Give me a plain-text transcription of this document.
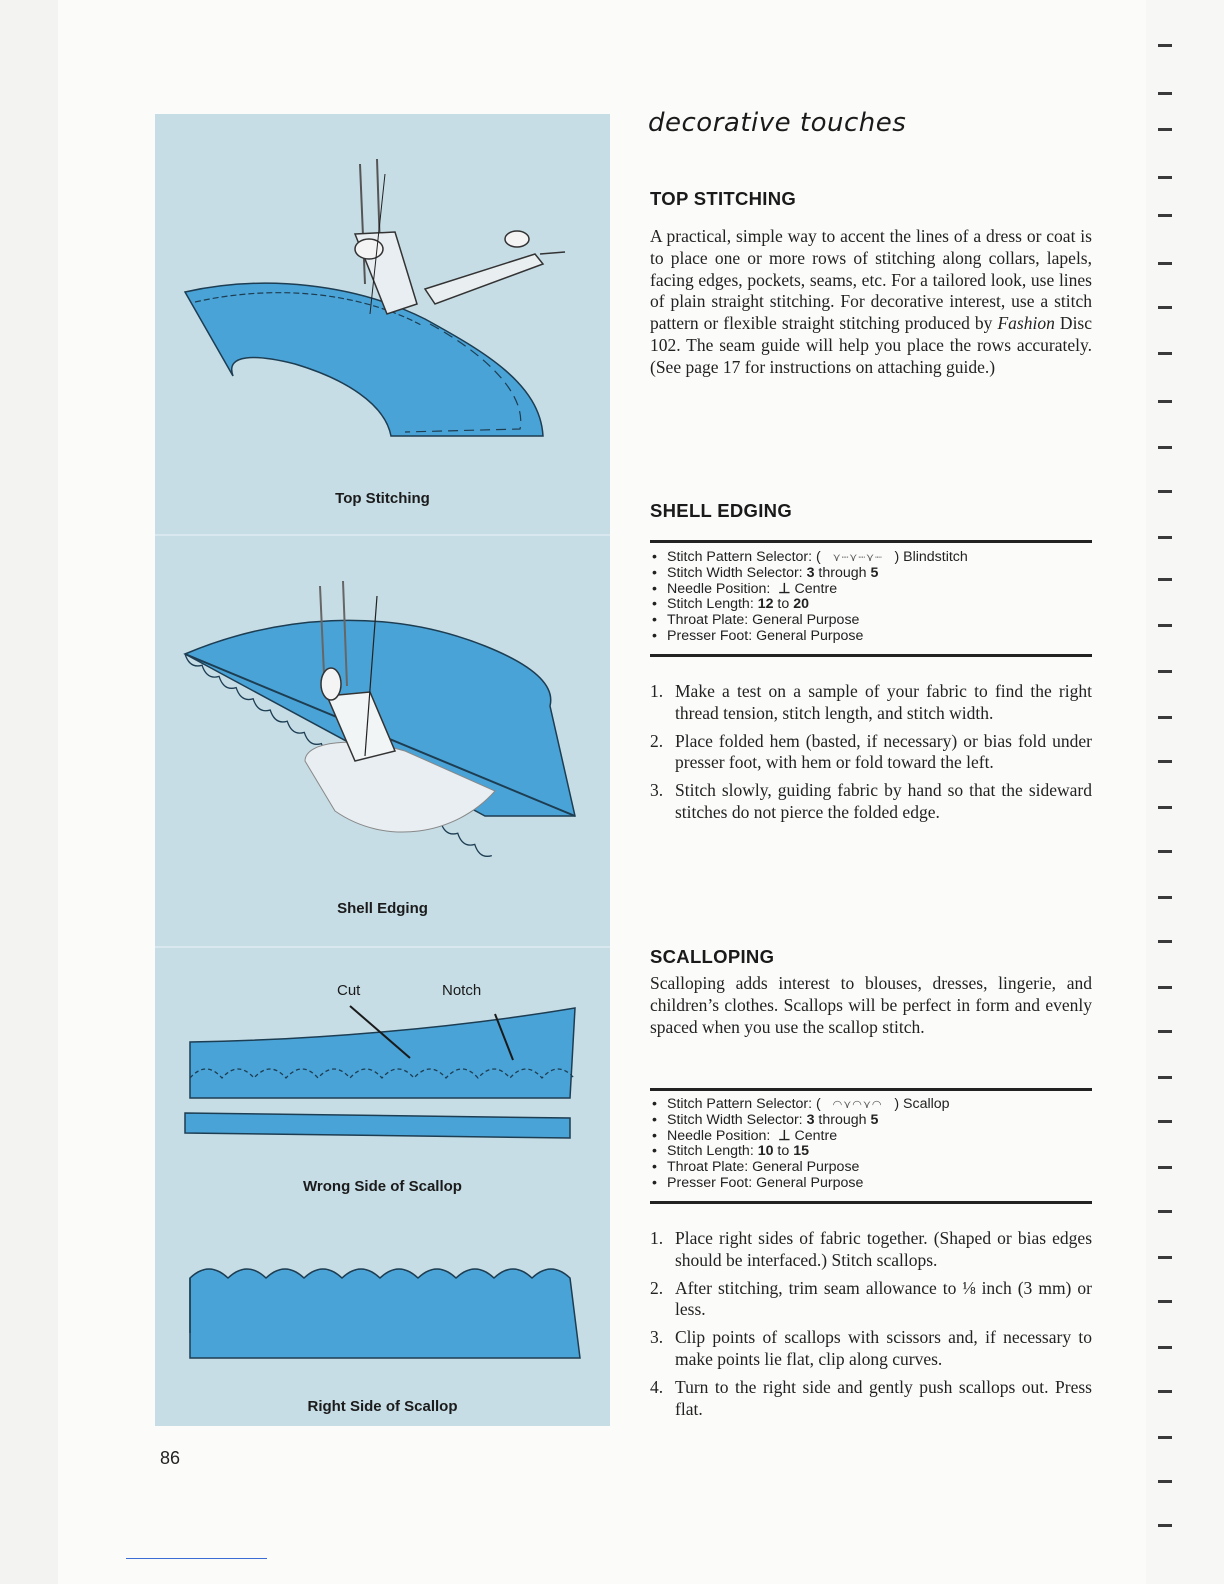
Top Stitching
Shell Edging
Cut	Notch
Wrong Side of Scallop
Right Side of Scallop
decorative touches
TOP STITCHING
A practical, simple way to accent the lines of a dress or coat is to place one or more rows of stitching along collars, lapels, facing edges, pockets, seams, etc. For a tailored look, use lines of plain straight stitching. For decorative interest, use a stitch pattern or flexible straight stitching produced by Fashion Disc 102. The seam guide will help you place the rows accurately. (See page 17 for instructions on attaching guide.)
SHELL EDGING
• Stitch Pattern Selector: ( ⋎┈⋎┈⋎┈ ) Blindstitch
• Stitch Width Selector: 3 through 5
• Needle Position:  ⊥ Centre
• Stitch Length: 12 to 20
• Throat Plate: General Purpose
• Presser Foot: General Purpose
1. Make a test on a sample of your fabric to find the right thread tension, stitch length, and stitch width.
2. Place folded hem (basted, if necessary) or bias fold under presser foot, with hem or fold toward the left.
3. Stitch slowly, guiding fabric by hand so that the sideward stitches do not pierce the folded edge.
SCALLOPING
Scalloping adds interest to blouses, dresses, lingerie, and children’s clothes. Scallops will be perfect in form and evenly spaced when you use the scallop stitch.
• Stitch Pattern Selector: ( ◠⋎◠⋎◠ ) Scallop
• Stitch Width Selector: 3 through 5
• Needle Position:  ⊥ Centre
• Stitch Length: 10 to 15
• Throat Plate: General Purpose
• Presser Foot: General Purpose
1. Place right sides of fabric together. (Shaped or bias edges should be interfaced.) Stitch scallops.
2. After stitching, trim seam allowance to ⅛ inch (3 mm) or less.
3. Clip points of scallops with scissors and, if necessary to make points lie flat, clip along curves.
4. Turn to the right side and gently push scallops out. Press flat.
86
